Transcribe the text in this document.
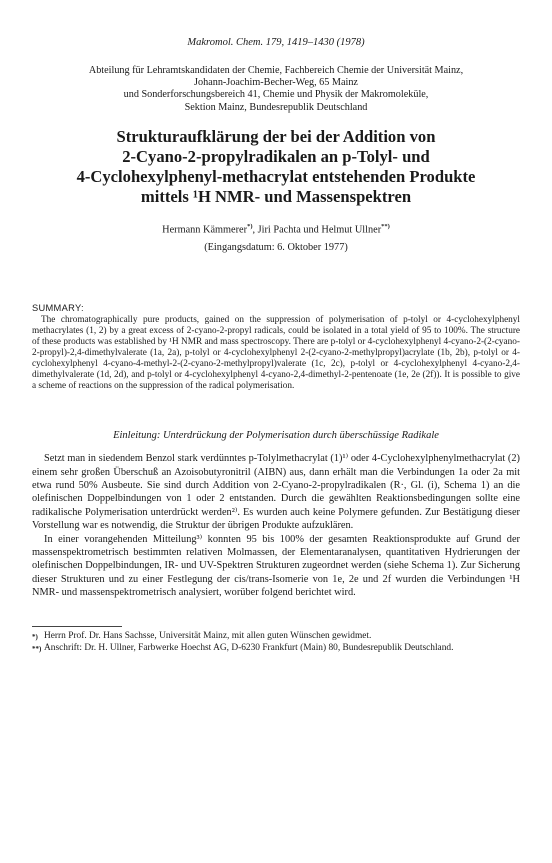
Makromol. Chem. 179, 1419–1430 (1978)
Abteilung für Lehramtskandidaten der Chemie, Fachbereich Chemie der Universität Mainz,
Johann-Joachim-Becher-Weg, 65 Mainz
und Sonderforschungsbereich 41, Chemie und Physik der Makromoleküle,
Sektion Mainz, Bundesrepublik Deutschland
Strukturaufklärung der bei der Addition von
2-Cyano-2-propylradikalen an p-Tolyl- und
4-Cyclohexylphenyl-methacrylat entstehenden Produkte
mittels ¹H NMR- und Massenspektren
Hermann Kämmerer*), Jiri Pachta und Helmut Ullner**)
(Eingangsdatum: 6. Oktober 1977)
SUMMARY:
The chromatographically pure products, gained on the suppression of polymerisation of p-tolyl or 4-cyclohexylphenyl methacrylates (1, 2) by a great excess of 2-cyano-2-propyl radicals, could be isolated in a total yield of 95 to 100%. The structure of these products was established by ¹H NMR and mass spectroscopy. There are p-tolyl or 4-cyclohexylphenyl 4-cyano-2-(2-cyano-2-propyl)-2,4-dimethylvalerate (1a, 2a), p-tolyl or 4-cyclohexylphenyl 2-(2-cyano-2-methylpropyl)acrylate (1b, 2b), p-tolyl or 4-cyclohexylphenyl 4-cyano-4-methyl-2-(2-cyano-2-methylpropyl)valerate (1c, 2c), p-tolyl or 4-cyclohexylphenyl 4-cyano-2,4-dimethylvalerate (1d, 2d), and p-tolyl or 4-cyclohexylphenyl 4-cyano-2,4-dimethyl-2-pentenoate (1e, 2e (2f)). It is possible to give a scheme of reactions on the suppression of the radical polymerisation.
Einleitung: Unterdrückung der Polymerisation durch überschüssige Radikale

Setzt man in siedendem Benzol stark verdünntes p-Tolylmethacrylat (1)¹⁾ oder 4-Cyclohexylphenylmethacrylat (2) einem sehr großen Überschuß an Azoisobutyronitril (AIBN) aus, dann erhält man die Verbindungen 1a oder 2a mit etwa rund 50% Ausbeute. Sie sind durch Addition von 2-Cyano-2-propylradikalen (R·, Gl. (i), Schema 1) an die olefinischen Doppelbindungen von 1 oder 2 entstanden. Durch die gewählten Reaktionsbedingungen sollte eine radikalische Polymerisation unterdrückt werden²⁾. Es wurden auch keine Polymere gefunden. Zur Bestätigung dieser Vorstellung war es notwendig, die Struktur der übrigen Produkte aufzuklären.

In einer vorangehenden Mitteilung³⁾ konnten 95 bis 100% der gesamten Reaktionsprodukte auf Grund der massenspektrometrisch bestimmten relativen Molmassen, der Elementaranalysen, quantitativen Hydrierungen der olefinischen Doppelbindungen, IR- und UV-Spektren Strukturen zugeordnet werden (siehe Schema 1). Zur Sicherung dieser Strukturen und zu einer Festlegung der cis/trans-Isomerie von 1e, 2e und 2f wurden die Verbindungen ¹H NMR- und massenspektrometrisch analysiert, worüber folgend berichtet wird.

*) Herrn Prof. Dr. Hans Sachsse, Universität Mainz, mit allen guten Wünschen gewidmet.
**) Anschrift: Dr. H. Ullner, Farbwerke Hoechst AG, D-6230 Frankfurt (Main) 80, Bundesrepublik Deutschland.
